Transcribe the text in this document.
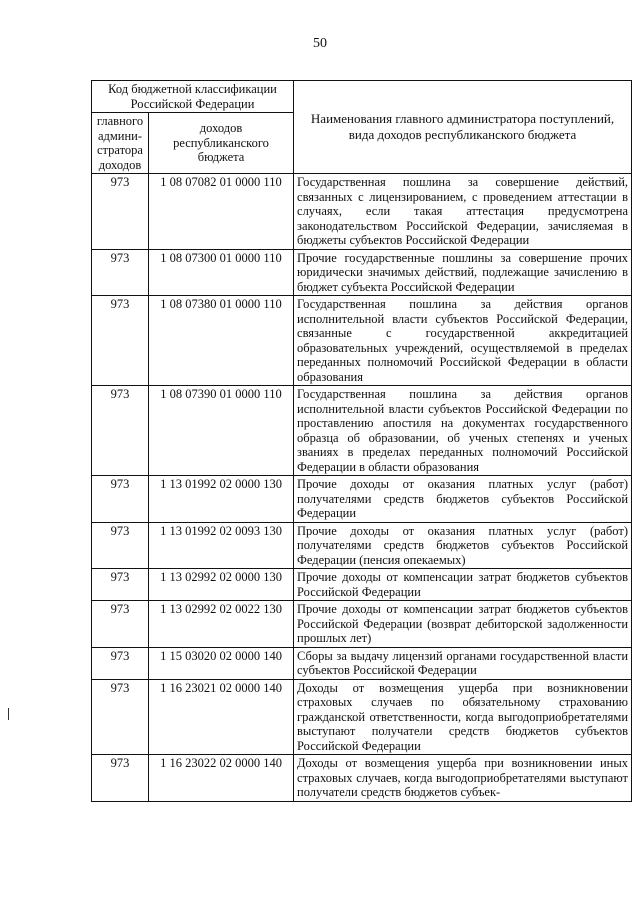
50
Код бюджетной классификации Российской Федерации		Наименования главного администратора поступлений, вида доходов республиканского бюджета
главного админи- стратора доходов	доходов республиканского бюджета	
973	1 08 07082 01 0000 110	Государственная пошлина за совершение действий, связанных с лицензированием, с проведением аттестации в случаях, если такая аттестация предусмотрена законодательством Российской Федерации, зачисляемая в бюджеты субъектов Российской Федерации
973	1 08 07300 01 0000 110	Прочие государственные пошлины за совершение прочих юридически значимых действий, подлежащие зачислению в бюджет субъекта Российской Федерации
973	1 08 07380 01 0000 110	Государственная пошлина за действия органов исполнительной власти субъектов Российской Федерации, связанные с государственной аккредитацией образовательных учреждений, осуществляемой в пределах переданных полномочий Российской Федерации в области образования
973	1 08 07390 01 0000 110	Государственная пошлина за действия органов исполнительной власти субъектов Российской Федерации по проставлению апостиля на документах государственного образца об образовании, об ученых степенях и ученых званиях в пределах переданных полномочий Российской Федерации в области образования
973	1 13 01992 02 0000 130	Прочие доходы от оказания платных услуг (работ) получателями средств бюджетов субъектов Российской Федерации
973	1 13 01992 02 0093 130	Прочие доходы от оказания платных услуг (работ) получателями средств бюджетов субъектов Российской Федерации (пенсия опекаемых)
973	1 13 02992 02 0000 130	Прочие доходы от компенсации затрат бюджетов субъектов Российской Федерации
973	1 13 02992 02 0022 130	Прочие доходы от компенсации затрат бюджетов субъектов Российской Федерации (возврат дебиторской задолженности прошлых лет)
973	1 15 03020 02 0000 140	Сборы за выдачу лицензий органами государственной власти субъектов Российской Федерации
973	1 16 23021 02 0000 140	Доходы от возмещения ущерба при возникновении страховых случаев по обязательному страхованию гражданской ответственности, когда выгодоприобретателями выступают получатели средств бюджетов субъектов Российской Федерации
973	1 16 23022 02 0000 140	Доходы от возмещения ущерба при возникновении иных страховых случаев, когда выгодоприобретателями выступают получатели средств бюджетов субъек-
